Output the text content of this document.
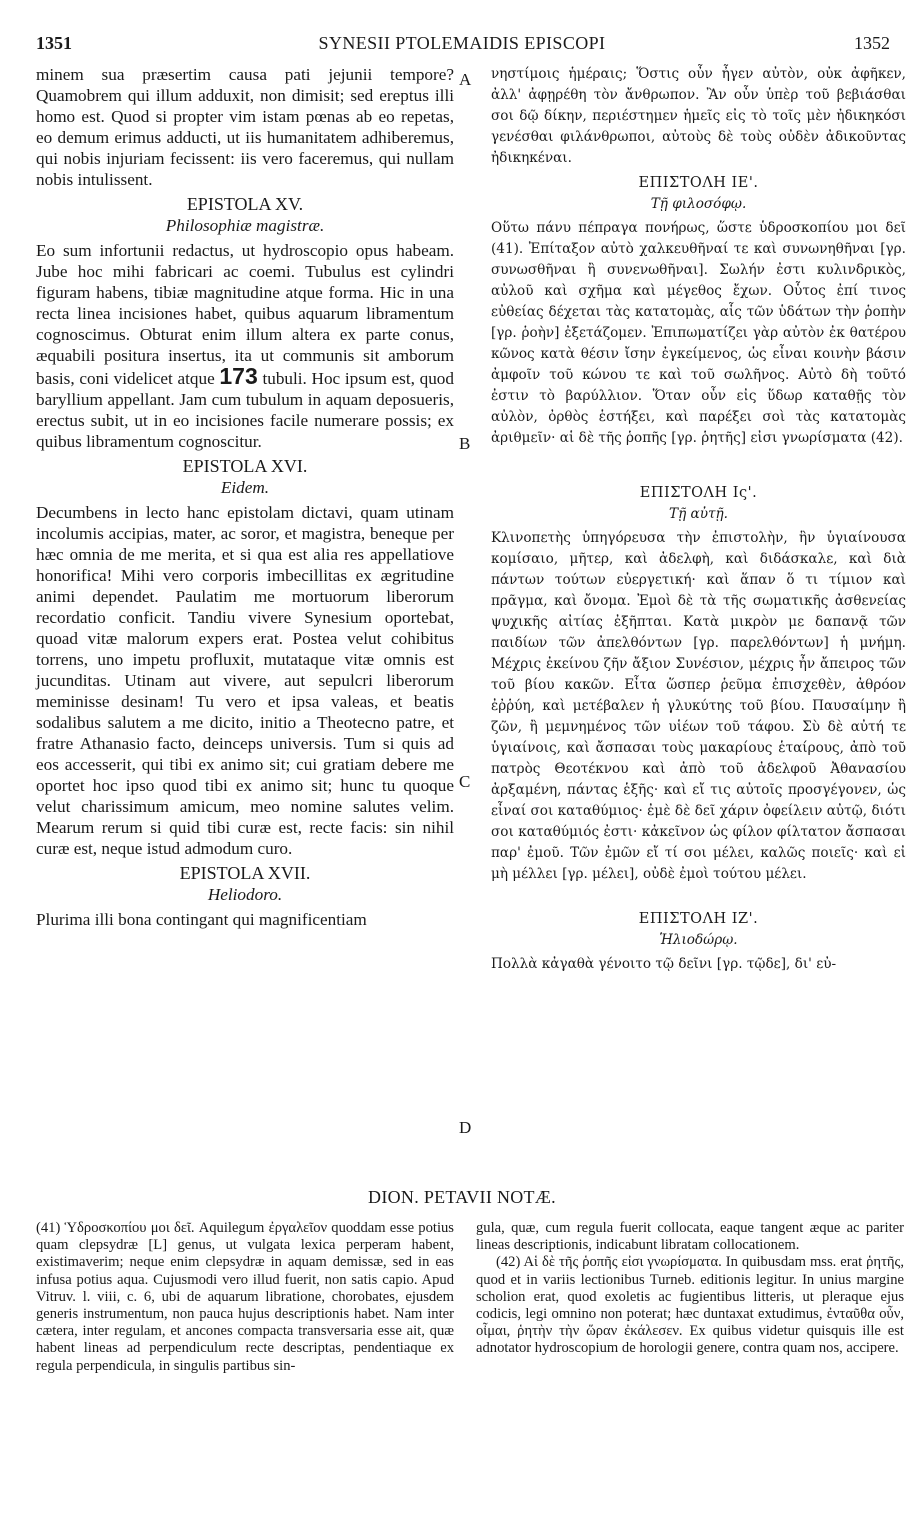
1351	SYNESII PTOLEMAIDIS EPISCOPI	1352

minem sua præsertim causa pati jejunii tempore? Quamobrem qui illum adduxit, non dimisit; sed ereptus illi homo est. Quod si propter vim istam pœnas ab eo repetas, eo demum erimus adducti, ut iis humanitatem adhiberemus, qui nobis injuriam fecissent: iis vero faceremus, qui nullam nobis intulissent.

EPISTOLA XV.
Philosophiæ magistræ.

Eo sum infortunii redactus, ut hydroscopio opus habeam. Jube hoc mihi fabricari ac coemi. Tubulus est cylindri figuram habens, tibiæ magnitudine atque forma. Hic in una recta linea incisiones habet, quibus aquarum libramentum cognoscimus. Obturat enim illum altera ex parte conus, æquabili positura insertus, ita ut communis sit amborum basis, coni videlicet atque 173 tubuli. Hoc ipsum est, quod baryllium appellant. Jam cum tubulum in aquam deposueris, erectus subit, ut in eo incisiones facile numerare possis; ex quibus libramentum cognoscitur.

EPISTOLA XVI.
Eidem.

Decumbens in lecto hanc epistolam dictavi, quam utinam incolumis accipias, mater, ac soror, et magistra, beneque per hæc omnia de me merita, et si qua est alia res appellatiove honorifica! Mihi vero corporis imbecillitas ex ægritudine animi dependet. Paulatim me mortuorum liberorum recordatio conficit. Tandiu vivere Synesium oportebat, quoad vitæ malorum expers erat. Postea velut cohibitus torrens, uno impetu profluxit, mutataque vitæ omnis est jucunditas. Utinam aut vivere, aut sepulcri liberorum meminisse desinam! Tu vero et ipsa valeas, et beatis sodalibus salutem a me dicito, initio a Theotecno patre, et fratre Athanasio facto, deinceps universis. Tum si quis ad eos accesserit, qui tibi ex animo sit; cui gratiam debere me oportet hoc ipso quod tibi ex animo sit; hunc tu quoque velut charissimum amicum, meo nomine salutes velim. Mearum rerum si quid tibi curæ est, recte facis: sin nihil curæ est, neque istud admodum curo.

EPISTOLA XVII.
Heliodoro.

Plurima illi bona contingant qui magnificentiam

A
B
C
D

νηστίμοις ἡμέραις; Ὅστις οὖν ἦγεν αὐτὸν, οὐκ ἀφῆκεν, ἀλλ' ἀφῃρέθη τὸν ἄνθρωπον. Ἂν οὖν ὑπὲρ τοῦ βεβιάσθαι σοι δῷ δίκην, περιέστημεν ἡμεῖς εἰς τὸ τοῖς μὲν ἠδικηκόσι γενέσθαι φιλάνθρωποι, αὐτοὺς δὲ τοὺς οὐδὲν ἀδικοῦντας ἠδικηκέναι.

ΕΠΙΣΤΟΛΗ ΙΕ'.
Τῇ φιλοσόφῳ.

Οὕτω πάνυ πέπραγα πονήρως, ὥστε ὑδροσκοπίου μοι δεῖ (41). Ἐπίταξον αὐτὸ χαλκευθῆναί τε καὶ συνωνηθῆναι [γρ. συνωσθῆναι ἢ συνενωθῆναι]. Σωλήν ἐστι κυλινδρικὸς, αὐλοῦ καὶ σχῆμα καὶ μέγεθος ἔχων. Οὗτος ἐπί τινος εὐθείας δέχεται τὰς κατατομὰς, αἷς τῶν ὑδάτων τὴν ῥοπὴν [γρ. ῥοὴν] ἐξετάζομεν. Ἐπιπωματίζει γὰρ αὐτὸν ἐκ θατέρου κῶνος κατὰ θέσιν ἴσην ἐγκείμενος, ὡς εἶναι κοινὴν βάσιν ἀμφοῖν τοῦ κώνου τε καὶ τοῦ σωλῆνος. Αὐτὸ δὴ τοῦτό ἐστιν τὸ βαρύλλιον. Ὅταν οὖν εἰς ὕδωρ καταθῇς τὸν αὐλὸν, ὀρθὸς ἑστήξει, καὶ παρέξει σοὶ τὰς κατατομὰς ἀριθμεῖν· αἱ δὲ τῆς ῥοπῆς [γρ. ῥητῆς] εἰσι γνωρίσματα (42).

ΕΠΙΣΤΟΛΗ Ις'.
Τῇ αὐτῇ.

Κλινοπετὴς ὑπηγόρευσα τὴν ἐπιστολὴν, ἣν ὑγιαίνουσα κομίσαιο, μῆτερ, καὶ ἀδελφὴ, καὶ διδάσκαλε, καὶ διὰ πάντων τούτων εὐεργετική· καὶ ἅπαν ὅ τι τίμιον καὶ πρᾶγμα, καὶ ὄνομα. Ἐμοὶ δὲ τὰ τῆς σωματικῆς ἀσθενείας ψυχικῆς αἰτίας ἐξῆπται. Κατὰ μικρὸν με δαπανᾷ τῶν παιδίων τῶν ἀπελθόντων [γρ. παρελθόντων] ἡ μνήμη. Μέχρις ἐκείνου ζῆν ἄξιον Συνέσιον, μέχρις ἦν ἄπειρος τῶν τοῦ βίου κακῶν. Εἶτα ὥσπερ ῥεῦμα ἐπισχεθὲν, ἀθρόον ἐῤῥύη, καὶ μετέβαλεν ἡ γλυκύτης τοῦ βίου. Παυσαίμην ἢ ζῶν, ἢ μεμνημένος τῶν υἱέων τοῦ τάφου. Σὺ δὲ αὐτή τε ὑγιαίνοις, καὶ ἄσπασαι τοὺς μακαρίους ἑταίρους, ἀπὸ τοῦ πατρὸς Θεοτέκνου καὶ ἀπὸ τοῦ ἀδελφοῦ Ἀθανασίου ἀρξαμένη, πάντας ἑξῆς· καὶ εἴ τις αὐτοῖς προσγέγονεν, ὡς εἶναί σοι καταθύμιος· ἐμὲ δὲ δεῖ χάριν ὀφείλειν αὐτῷ, διότι σοι καταθύμιός ἐστι· κἀκεῖνον ὡς φίλον φίλτατον ἄσπασαι παρ' ἐμοῦ. Τῶν ἐμῶν εἴ τί σοι μέλει, καλῶς ποιεῖς· καὶ εἰ μὴ μέλλει [γρ. μέλει], οὐδὲ ἐμοὶ τούτου μέλει.

ΕΠΙΣΤΟΛΗ ΙΖ'.
Ἡλιοδώρῳ.

Πολλὰ κἀγαθὰ γένοιτο τῷ δεῖνι [γρ. τῷδε], δι' εὐ-

DION. PETAVII NOTÆ.

(41) Ὑδροσκοπίου μοι δεῖ. Aquilegum ἐργαλεῖον quoddam esse potius quam clepsydræ [L] genus, ut vulgata lexica perperam habent, existimaverim; neque enim clepsydræ in aquam demissæ, sed in eas infusa potius aqua. Cujusmodi vero illud fuerit, non satis capio. Apud Vitruv. l. viii, c. 6, ubi de aquarum libratione, chorobates, ejusdem generis instrumentum, non pauca hujus descriptionis habet. Nam inter cætera, inter regulam, et ancones compacta transversaria esse ait, quæ habent lineas ad perpendiculum recte descriptas, pendentiaque ex regula perpendicula, in singulis partibus sin-

gula, quæ, cum regula fuerit collocata, eaque tangent æque ac pariter lineas descriptionis, indicabunt libratam collocationem.

(42) Αἱ δὲ τῆς ῥοπῆς εἰσι γνωρίσματα. In quibusdam mss. erat ῥητῆς, quod et in variis lectionibus Turneb. editionis legitur. In unius margine scholion erat, quod exoletis ac fugientibus litteris, ut pleraque ejus codicis, legi omnino non poterat; hæc duntaxat extudimus, ἐνταῦθα οὖν, οἶμαι, ῥητὴν τὴν ὥραν ἐκάλεσεν. Ex quibus videtur quisquis ille est adnotator hydroscopium de horologii genere, contra quam nos, accipere.
